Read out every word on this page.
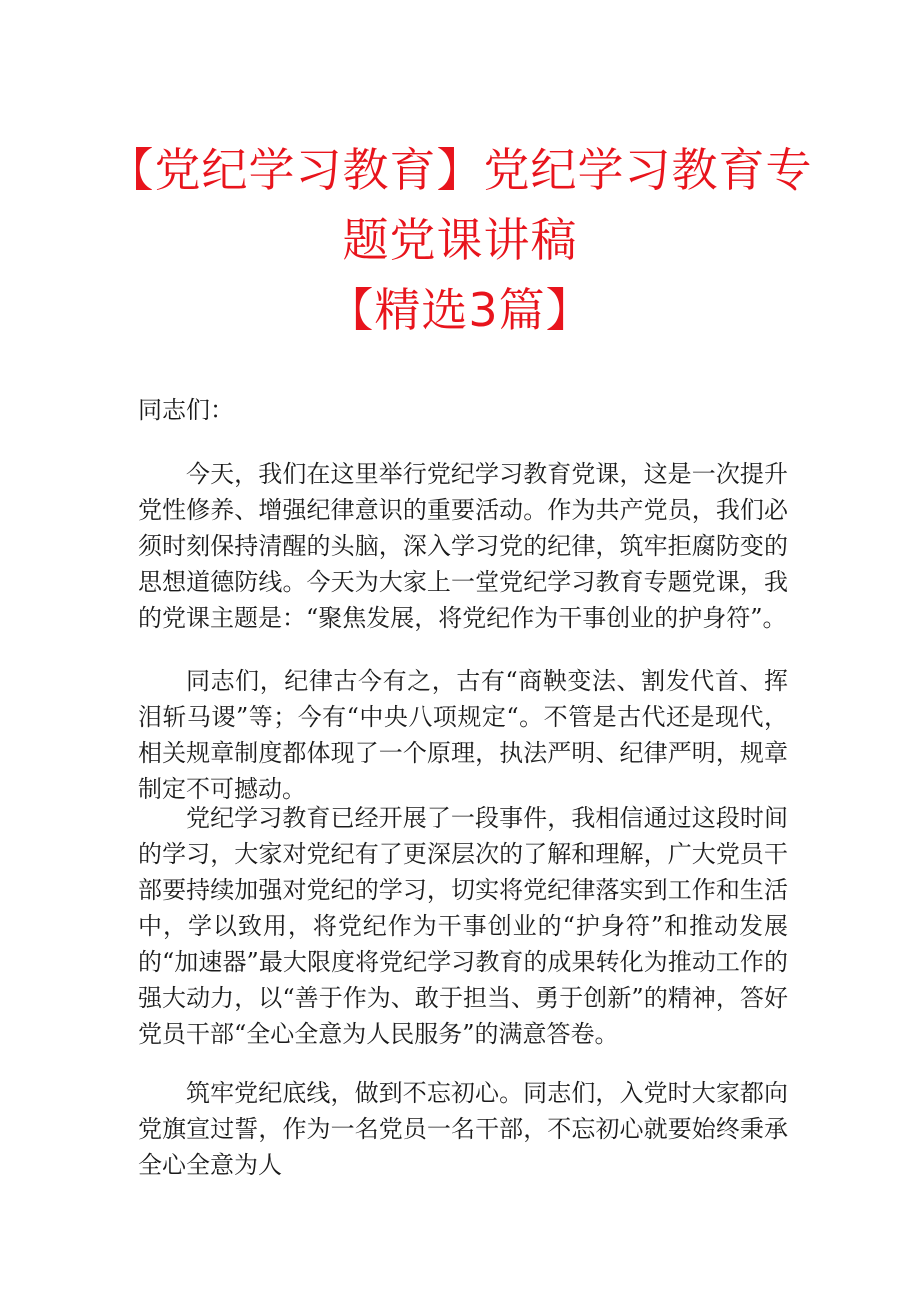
【党纪学习教育】党纪学习教育专
题党课讲稿
【精选3篇】
同志们：
今天，我们在这里举行党纪学习教育党课，这是一次提升党性修养、增强纪律意识的重要活动。作为共产党员，我们必须时刻保持清醒的头脑，深入学习党的纪律，筑牢拒腐防变的思想道德防线。今天为大家上一堂党纪学习教育专题党课，我的党课主题是：“聚焦发展，将党纪作为干事创业的护身符”。
同志们，纪律古今有之，古有“商鞅变法、割发代首、挥泪斩马谡”等；今有“中央八项规定“。不管是古代还是现代，相关规章制度都体现了一个原理，执法严明、纪律严明，规章制定不可撼动。
党纪学习教育已经开展了一段事件，我相信通过这段时间的学习，大家对党纪有了更深层次的了解和理解，广大党员干部要持续加强对党纪的学习，切实将党纪律落实到工作和生活中，学以致用，将党纪作为干事创业的“护身符”和推动发展的“加速器”最大限度将党纪学习教育的成果转化为推动工作的强大动力，以“善于作为、敢于担当、勇于创新”的精神，答好党员干部“全心全意为人民服务”的满意答卷。
筑牢党纪底线，做到不忘初心。同志们，入党时大家都向党旗宣过誓，作为一名党员一名干部，不忘初心就要始终秉承全心全意为人
